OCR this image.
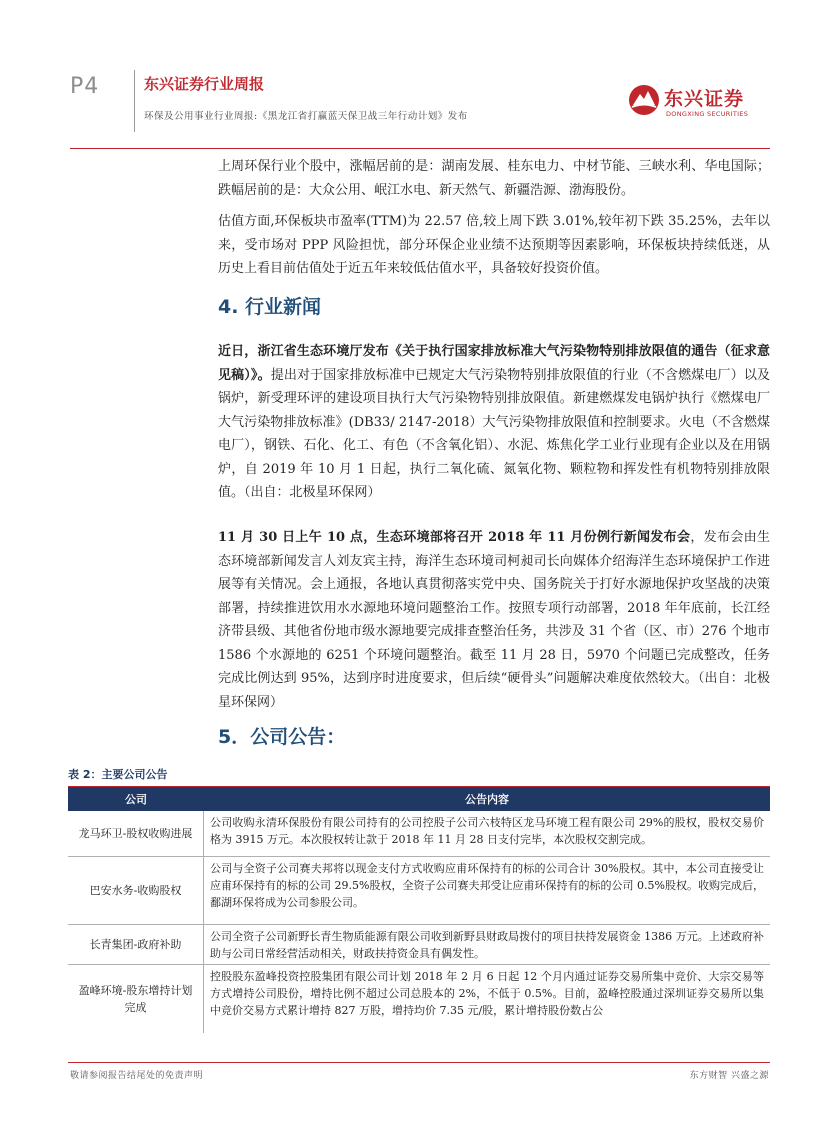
P4	东兴证券行业周报
环保及公用事业行业周报:《黑龙江省打赢蓝天保卫战三年行动计划》发布
东兴证券
DONGXING SECURITIES

上周环保行业个股中，涨幅居前的是：湖南发展、桂东电力、中材节能、三峡水利、华电国际；跌幅居前的是：大众公用、岷江水电、新天然气、新疆浩源、渤海股份。

估值方面,环保板块市盈率(TTM)为 22.57 倍,较上周下跌 3.01%,较年初下跌 35.25%，去年以来，受市场对 PPP 风险担忧，部分环保企业业绩不达预期等因素影响，环保板块持续低迷，从历史上看目前估值处于近五年来较低估值水平，具备较好投资价值。

4. 行业新闻

近日，浙江省生态环境厅发布《关于执行国家排放标准大气污染物特别排放限值的通告（征求意见稿）》。提出对于国家排放标准中已规定大气污染物特别排放限值的行业（不含燃煤电厂）以及锅炉，新受理环评的建设项目执行大气污染物特别排放限值。新建燃煤发电锅炉执行《燃煤电厂大气污染物排放标准》(DB33/ 2147-2018）大气污染物排放限值和控制要求。火电（不含燃煤电厂），钢铁、石化、化工、有色（不含氧化铝）、水泥、炼焦化学工业行业现有企业以及在用锅炉，自 2019 年 10 月 1 日起，执行二氧化硫、氮氧化物、颗粒物和挥发性有机物特别排放限值。（出自：北极星环保网）

11 月 30 日上午 10 点，生态环境部将召开 2018 年 11 月份例行新闻发布会，发布会由生态环境部新闻发言人刘友宾主持，海洋生态环境司柯昶司长向媒体介绍海洋生态环境保护工作进展等有关情况。会上通报，各地认真贯彻落实党中央、国务院关于打好水源地保护攻坚战的决策部署，持续推进饮用水水源地环境问题整治工作。按照专项行动部署，2018 年年底前，长江经济带县级、其他省份地市级水源地要完成排查整治任务，共涉及 31 个省（区、市）276 个地市 1586 个水源地的 6251 个环境问题整治。截至 11 月 28 日，5970 个问题已完成整改，任务完成比例达到 95%，达到序时进度要求，但后续“硬骨头”问题解决难度依然较大。（出自：北极星环保网）

5．公司公告：
表 2：主要公司公告
公司	公告内容
龙马环卫-股权收购进展
公司收购永清环保股份有限公司持有的公司控股子公司六枝特区龙马环境工程有限公司 29%的股权，股权交易价格为 3915 万元。本次股权转让款于 2018 年 11 月 28 日支付完毕，本次股权交割完成。
巴安水务-收购股权
公司与全资子公司赛夫邦将以现金支付方式收购应甫环保持有的标的公司合计 30%股权。其中，本公司直接受让应甫环保持有的标的公司 29.5%股权，全资子公司赛夫邦受让应甫环保持有的标的公司 0.5%股权。收购完成后，鄱湖环保将成为公司参股公司。
长青集团-政府补助
公司全资子公司新野长青生物质能源有限公司收到新野县财政局拨付的项目扶持发展资金 1386 万元。上述政府补助与公司日常经营活动相关，财政扶持资金具有偶发性。
盈峰环境-股东增持计划完成
控股股东盈峰投资控股集团有限公司计划 2018 年 2 月 6 日起 12 个月内通过证券交易所集中竞价、大宗交易等方式增持公司股份，增持比例不超过公司总股本的 2%，不低于 0.5%。目前，盈峰控股通过深圳证券交易所以集中竞价交易方式累计增持 827 万股，增持均价 7.35 元/股，累计增持股份数占公
敬请参阅报告结尾处的免责声明	东方财智 兴盛之源
